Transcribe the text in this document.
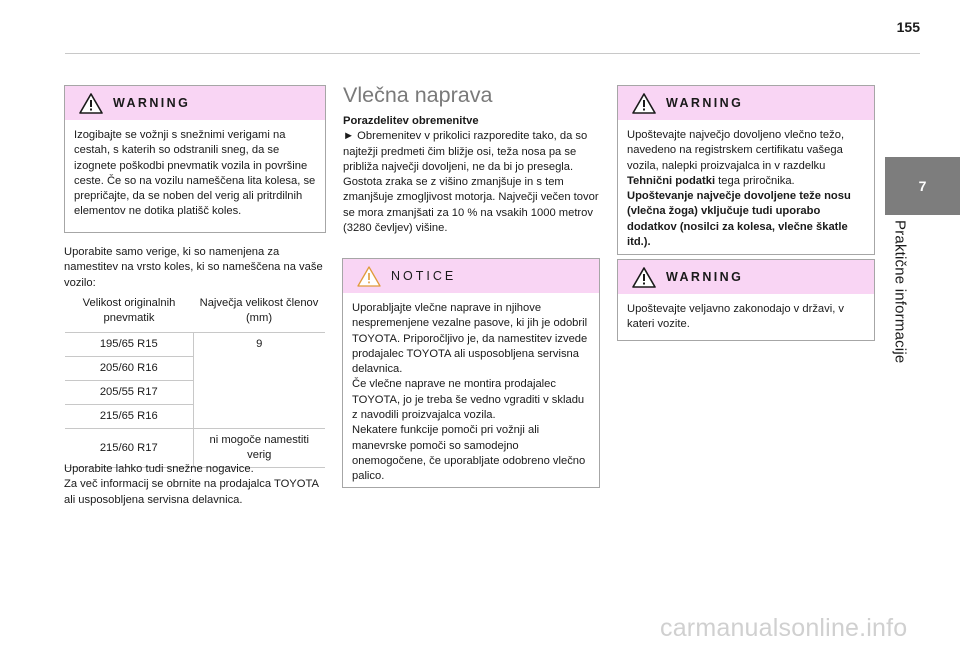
155
7
Praktične informacije
WARNING
Izogibajte se vožnji s snežnimi verigami na cestah, s katerih so odstranili sneg, da se izognete poškodbi pnevmatik vozila in površine ceste. Če so na vozilu nameščena lita kolesa, se prepričajte, da se noben del verig ali pritrdilnih elementov ne dotika platišč koles.
Uporabite samo verige, ki so namenjena za namestitev na vrsto koles, ki so nameščena na vaše vozilo:
Velikost originalnih pnevmatik	Največja velikost členov (mm)
195/65 R15	9
205/60 R16	
205/55 R17	
215/65 R16	
215/60 R17	ni mogoče namestiti verig

Uporabite lahko tudi snežne nogavice.

Za več informacij se obrnite na prodajalca TOYOTA ali usposobljena servisna delavnica.

Vlečna naprava

Porazdelitev obremenitve

► Obremenitev v prikolici razporedite tako, da so najtežji predmeti čim bližje osi, teža nosa pa se približa največji dovoljeni, ne da bi jo presegla.

Gostota zraka se z višino zmanjšuje in s tem zmanjšuje zmogljivost motorja. Največji večen tovor se mora zmanjšati za 10 % na vsakih 1000 metrov (3280 čevljev) višine.

NOTICE

Uporabljajte vlečne naprave in njihove nespremenjene vezalne pasove, ki jih je odobril TOYOTA. Priporočljivo je, da namestitev izvede prodajalec TOYOTA ali usposobljena servisna delavnica.

Če vlečne naprave ne montira prodajalec TOYOTA, jo je treba še vedno vgraditi v skladu z navodili proizvajalca vozila.

Nekatere funkcije pomoči pri vožnji ali manevrske pomoči so samodejno onemogočene, če uporabljate odobreno vlečno palico.

WARNING

Upoštevajte največjo dovoljeno vlečno težo, navedeno na registrskem certifikatu vašega vozila, nalepki proizvajalca in v razdelku Tehnični podatki tega priročnika.

Upoštevanje največje dovoljene teže nosu (vlečna žoga) vključuje tudi uporabo dodatkov (nosilci za kolesa, vlečne škatle itd.).

WARNING
Upoštevajte veljavno zakonodajo v državi, v kateri vozite.
carmanualsonline.info
